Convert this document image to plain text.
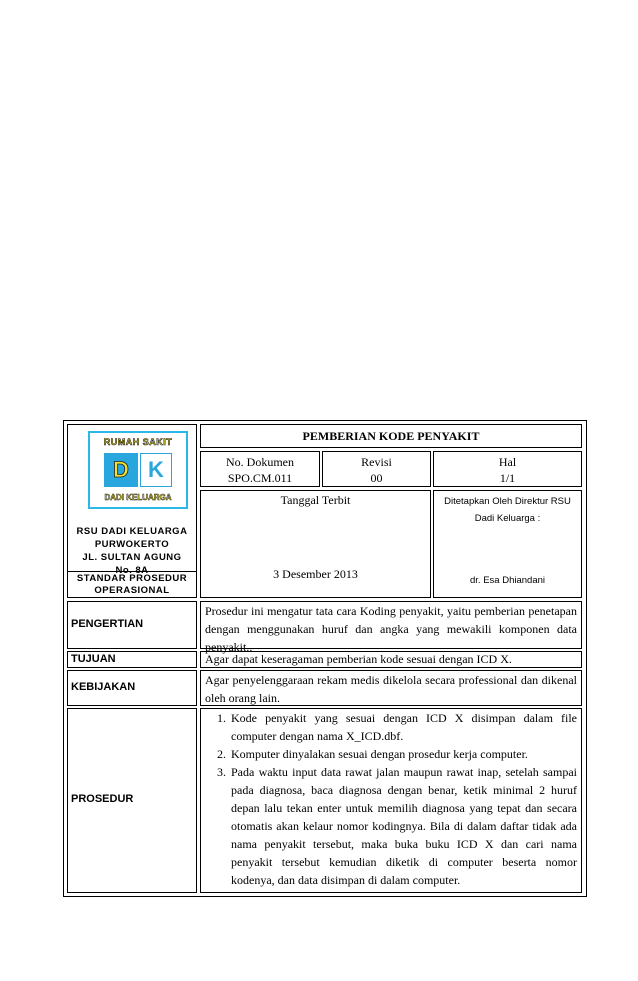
RUMAH SAKIT
D K
DADI KELUARGA
RSU DADI KELUARGA
PURWOKERTO
JL. SULTAN AGUNG
No. 8A
STANDAR PROSEDUR OPERASIONAL
PEMBERIAN KODE PENYAKIT
No. Dokumen
SPO.CM.011
Revisi
00
Hal
1/1
Tanggal Terbit
3 Desember 2013
Ditetapkan Oleh Direktur RSU Dadi Keluarga :
dr. Esa Dhiandani
PENGERTIAN
Prosedur ini mengatur tata cara Koding penyakit, yaitu pemberian penetapan dengan menggunakan huruf dan angka yang mewakili komponen data penyakit..
TUJUAN	Agar dapat keseragaman pemberian kode sesuai dengan ICD X.
KEBIJAKAN	Agar penyelenggaraan rekam medis dikelola secara professional dan dikenal oleh orang lain.
PROSEDUR
1. Kode penyakit yang sesuai dengan ICD X disimpan dalam file computer dengan nama X_ICD.dbf.
2. Komputer dinyalakan sesuai dengan prosedur kerja computer.
3. Pada waktu input data rawat jalan maupun rawat inap, setelah sampai pada diagnosa, baca diagnosa dengan benar, ketik minimal 2 huruf depan lalu tekan enter untuk memilih diagnosa yang tepat dan secara otomatis akan kelaur nomor kodingnya. Bila di dalam daftar tidak ada nama penyakit tersebut, maka buka buku ICD X dan cari nama penyakit tersebut kemudian diketik di computer beserta nomor kodenya, dan data disimpan di dalam computer.
